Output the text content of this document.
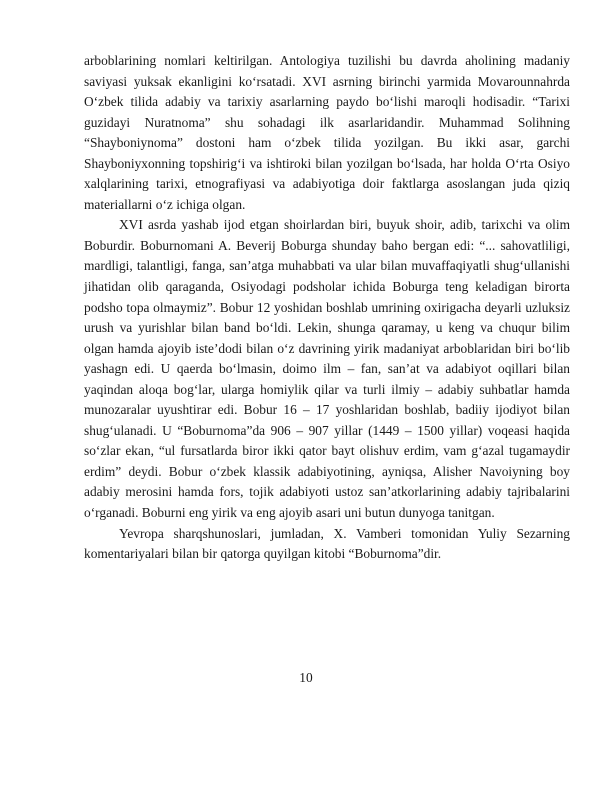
arboblarining nomlari keltirilgan. Antologiya tuzilishi bu davrda aholining madaniy saviyasi yuksak ekanligini ko‘rsatadi. XVI asrning birinchi yarmida Movarounnahrda O‘zbek tilida adabiy va tarixiy asarlarning paydo bo‘lishi maroqli hodisadir. “Tarixi guzidayi Nuratnoma” shu sohadagi ilk asarlaridandir. Muhammad Solihning “Shayboniynoma” dostoni ham o‘zbek tilida yozilgan. Bu ikki asar, garchi Shayboniyxonning topshirig‘i va ishtiroki bilan yozilgan bo‘lsada, har holda O‘rta Osiyo xalqlarining tarixi, etnografiyasi va adabiyotiga doir faktlarga asoslangan juda qiziq materiallarni o‘z ichiga olgan.

XVI asrda yashab ijod etgan shoirlardan biri, buyuk shoir, adib, tarixchi va olim Boburdir. Boburnomani A. Beverij Boburga shunday baho bergan edi: “... sahovatliligi, mardligi, talantligi, fanga, san’atga muhabbati va ular bilan muvaffaqiyatli shug‘ullanishi jihatidan olib qaraganda, Osiyodagi podsholar ichida Boburga teng keladigan birorta podsho topa olmaymiz”. Bobur 12 yoshidan boshlab umrining oxirigacha deyarli uzluksiz urush va yurishlar bilan band bo‘ldi. Lekin, shunga qaramay, u keng va chuqur bilim olgan hamda ajoyib iste’dodi bilan o‘z davrining yirik madaniyat arboblaridan biri bo‘lib yashagn edi. U qaerda bo‘lmasin, doimo ilm – fan, san’at va adabiyot oqillari bilan yaqindan aloqa bog‘lar, ularga homiylik qilar va turli ilmiy – adabiy suhbatlar hamda munozaralar uyushtirar edi. Bobur 16 – 17 yoshlaridan boshlab, badiiy ijodiyot bilan shug‘ulanadi. U “Boburnoma”da 906 – 907 yillar (1449 – 1500 yillar) voqeasi haqida so‘zlar ekan, “ul fursatlarda biror ikki qator bayt olishuv erdim, vam g‘azal tugamaydir erdim” deydi. Bobur o‘zbek klassik adabiyotining, ayniqsa, Alisher Navoiyning boy adabiy merosini hamda fors, tojik adabiyoti ustoz san’atkorlarining adabiy tajribalarini o‘rganadi. Boburni eng yirik va eng ajoyib asari uni butun dunyoga tanitgan.

Yevropa sharqshunoslari, jumladan, X. Vamberi tomonidan Yuliy Sezarning komentariyalari bilan bir qatorga quyilgan kitobi “Boburnoma”dir.

10
